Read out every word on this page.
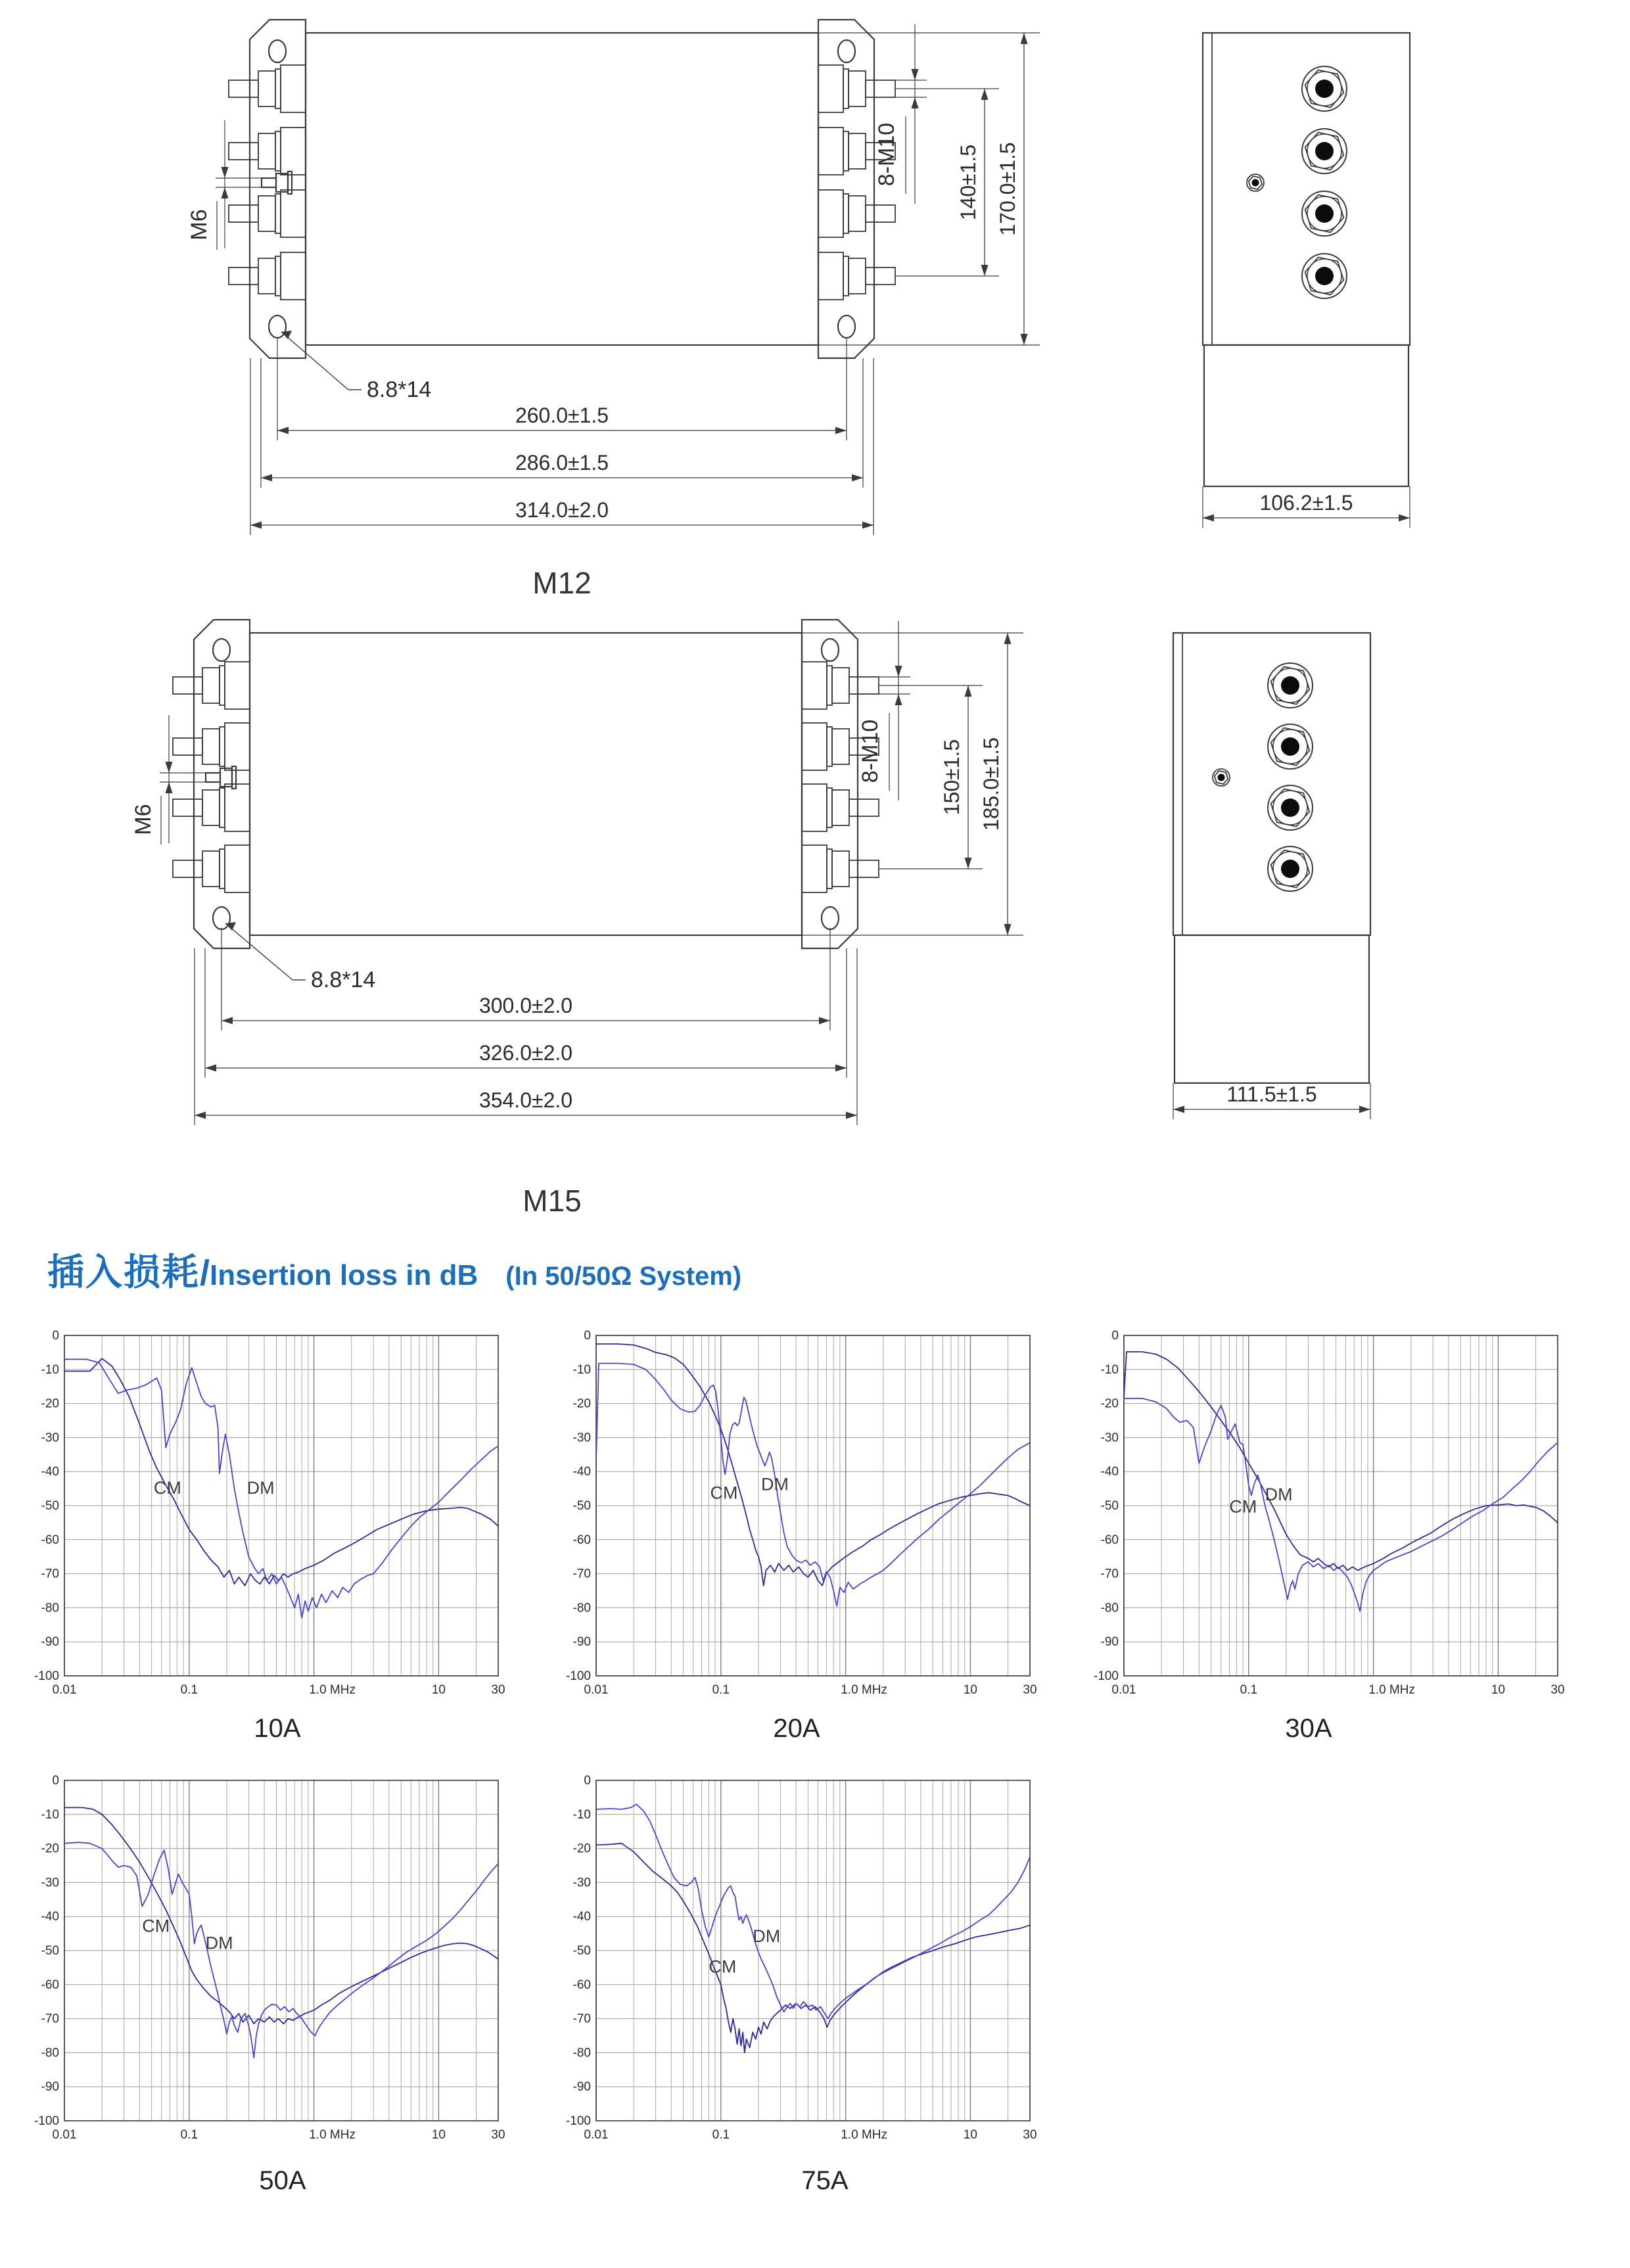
M6
8-M10	140±1.5 170.0±1.5
260.0±1.5
286.0±1.5
314.0±2.0
8.8*14
106.2±1.5
M12
M6
8-M10	150±1.5 185.0±1.5
300.0±2.0
326.0±2.0
354.0±2.0
8.8*14
111.5±1.5
M15
插入损耗/Insertion loss in dB (In 50/50Ω System)
0
-10
-20
-30
-40
-50
-60
-70
-80
-90
-100
0.01	0.1	1.0 MHz	10	30
CM	DM
0
-10
-20
-30
-40
-50
-60
-70
-80
-90
-100
0.01	0.1	1.0 MHz	10	30
CM DM
0
-10
-20
-30
-40
-50
-60
-70
-80
-90
-100
0.01	0.1	1.0 MHz	10	30
CM
DM
0
-10
-20
-30
-40
-50
-60
-70
-80
-90
-100
0.01	0.1	1.0 MHz	10	30
CM
DM
0
-10
-20
-30
-40
-50
-60
-70
-80
-90
-100
0.01	0.1	1.0 MHz	10	30
CM
DM
10A	20A	30A
50A	75A
